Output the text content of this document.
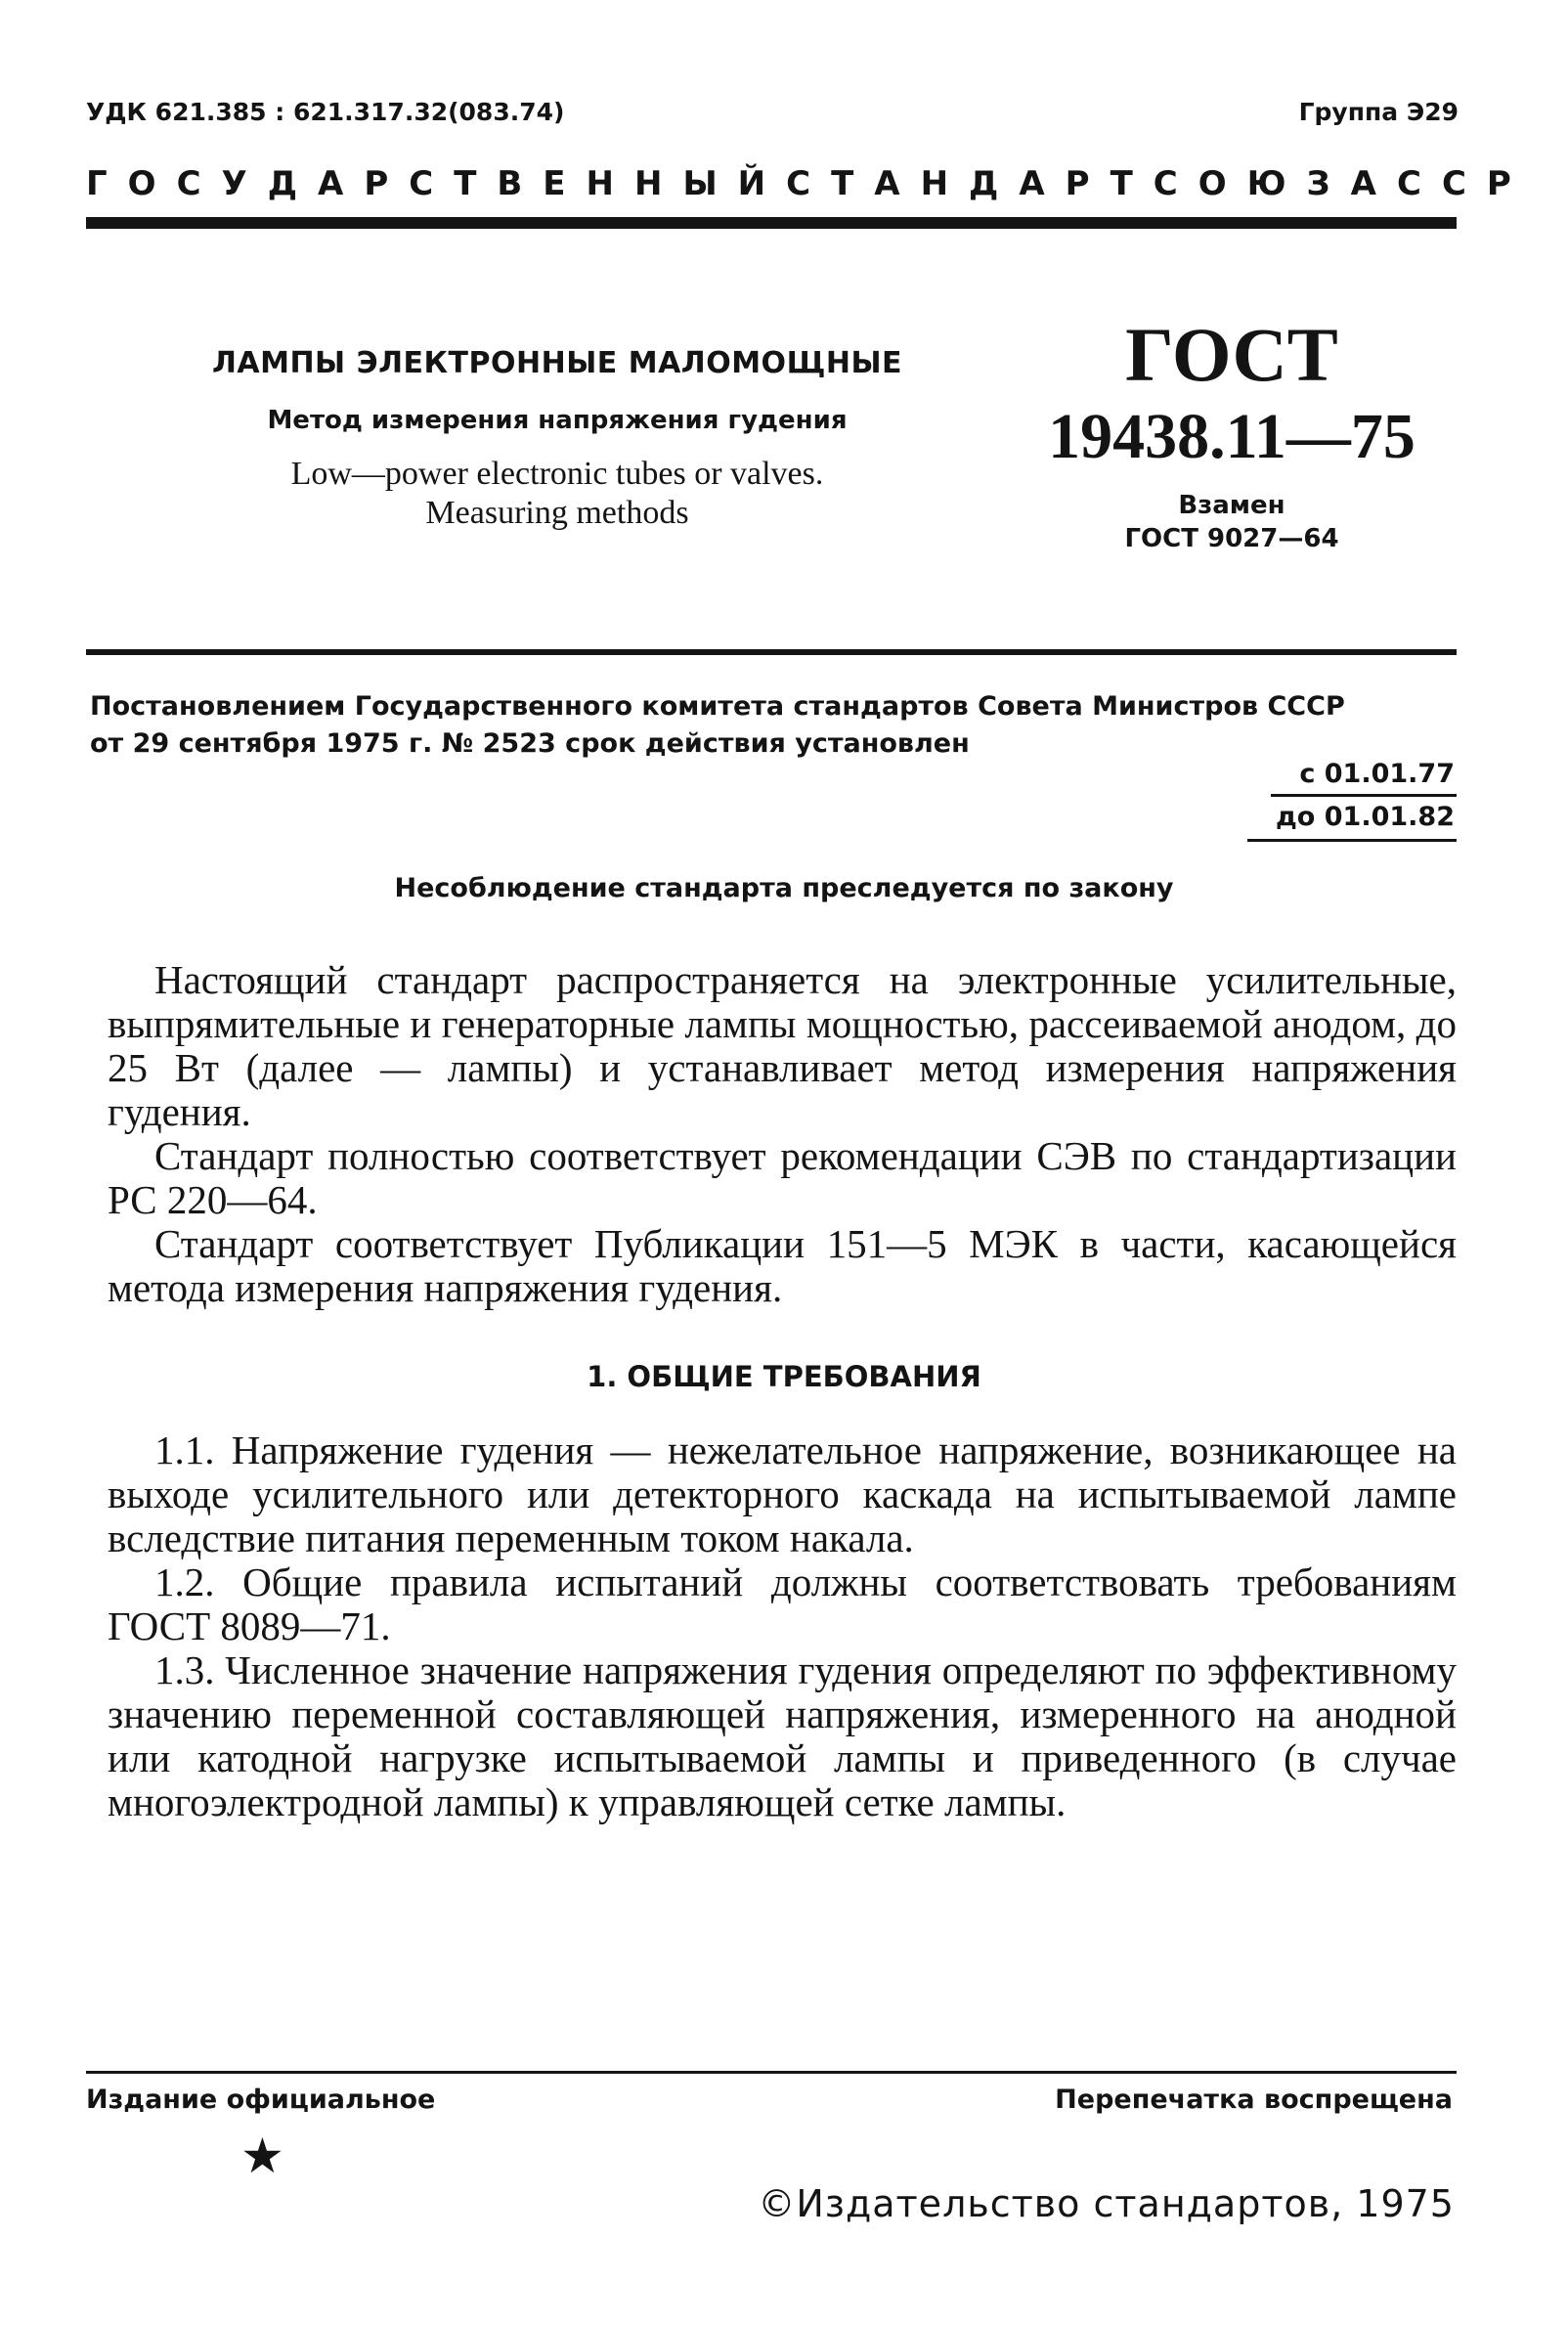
УДК 621.385 : 621.317.32(083.74)	Группа Э29
ГОСУДАРСТВЕННЫЙ СТАНДАРТ СОЮЗА ССР
ЛАМПЫ ЭЛЕКТРОННЫЕ МАЛОМОЩНЫЕ
Метод измерения напряжения гудения
Low—power electronic tubes or valves.
Measuring methods
ГОСТ
19438.11—75
Взамен
ГОСТ 9027—64
Постановлением Государственного комитета стандартов Совета Министров СССР
от 29 сентября 1975 г. № 2523 срок действия установлен
с 01.01.77
до 01.01.82
Несоблюдение стандарта преследуется по закону

Настоящий стандарт распространяется на электронные усилительные, выпрямительные и генераторные лампы мощностью, рассеиваемой анодом, до 25 Вт (далее — лампы) и устанавливает метод измерения напряжения гудения.

Стандарт полностью соответствует рекомендации СЭВ по стандартизации РС 220—64.

Стандарт соответствует Публикации 151—5 МЭК в части, касающейся метода измерения напряжения гудения.

1. ОБЩИЕ ТРЕБОВАНИЯ

1.1. Напряжение гудения — нежелательное напряжение, возникающее на выходе усилительного или детекторного каскада на испытываемой лампе вследствие питания переменным током накала.

1.2. Общие правила испытаний должны соответствовать требованиям ГОСТ 8089—71.

1.3. Численное значение напряжения гудения определяют по эффективному значению переменной составляющей напряжения, измеренного на анодной или катодной нагрузке испытываемой лампы и приведенного (в случае многоэлектродной лампы) к управляющей сетке лампы.

Издание официальное	Перепечатка воспрещена
★
©Издательство стандартов, 1975
